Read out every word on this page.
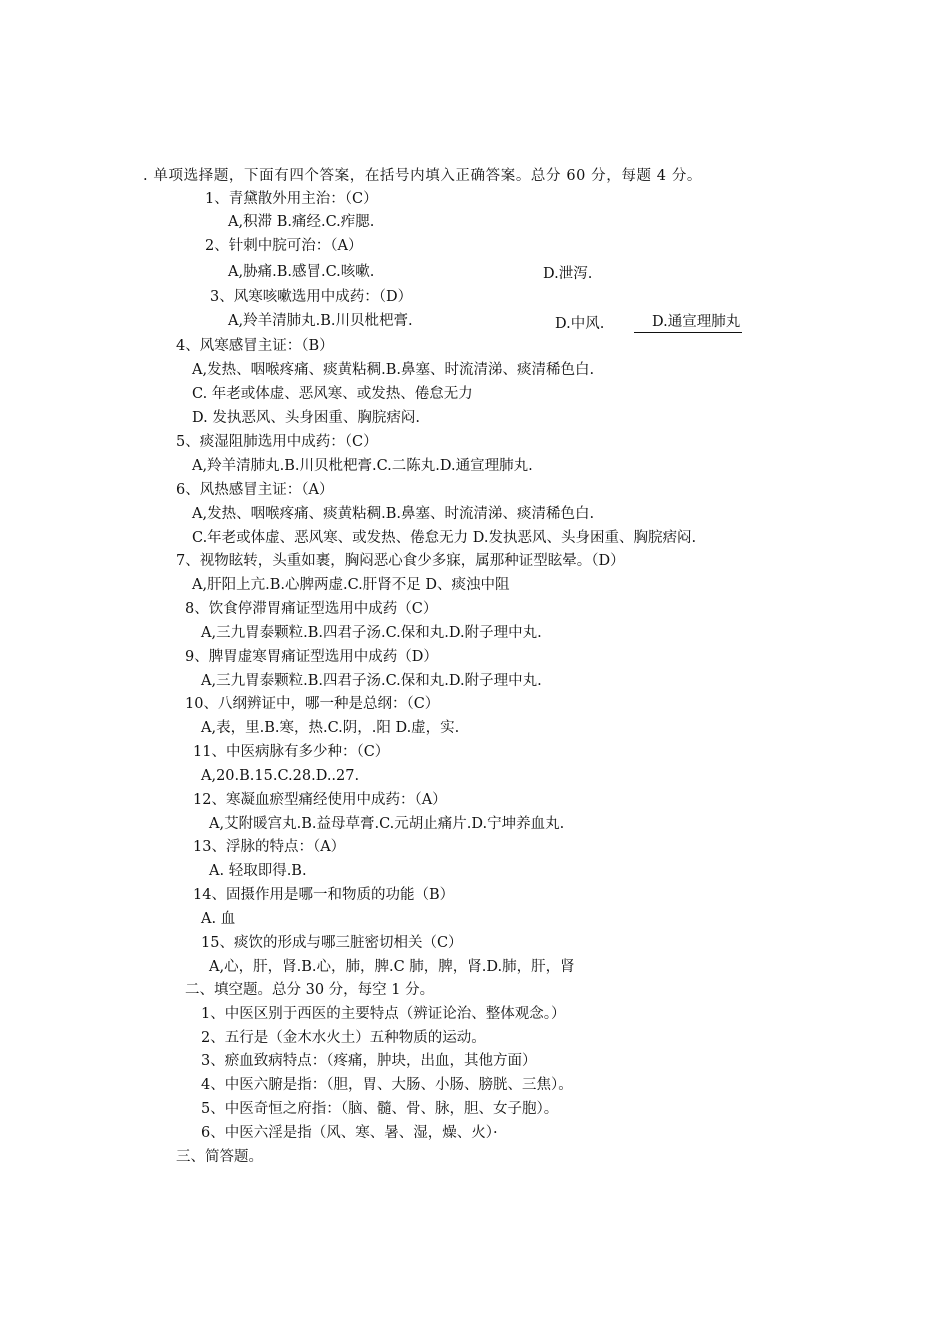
. 单项选择题，下面有四个答案，在括号内填入正确答案。总分 60 分，每题 4 分。
1、青黛散外用主治：（C）
A,积滞 B.痛经.C.痄腮.
2、针刺中脘可治：（A）
A,胁痛.B.感冒.C.咳嗽.	D.泄泻.
3、风寒咳嗽选用中成药：（D）
A,羚羊清肺丸.B.川贝枇杷膏.	D.中风.	D.通宣理肺丸
4、风寒感冒主证：（B）
A,发热、咽喉疼痛、痰黄粘稠.B.鼻塞、时流清涕、痰清稀色白.
C. 年老或体虚、恶风寒、或发热、倦怠无力
D. 发执恶风、头身困重、胸脘痞闷.
5、痰湿阻肺选用中成药：（C）
A,羚羊清肺丸.B.川贝枇杷膏.C.二陈丸.D.通宣理肺丸.
6、风热感冒主证：（A）
A,发热、咽喉疼痛、痰黄粘稠.B.鼻塞、时流清涕、痰清稀色白.
C.年老或体虚、恶风寒、或发热、倦怠无力 D.发执恶风、头身困重、胸脘痞闷.
7、视物眩转，头重如裹，胸闷恶心食少多寐，属那种证型眩晕。（D）
A,肝阳上亢.B.心脾两虚.C.肝肾不足 D、痰浊中阻
8、饮食停滞胃痛证型选用中成药（C）
A,三九胃泰颗粒.B.四君子汤.C.保和丸.D.附子理中丸.
9、脾胃虚寒胃痛证型选用中成药（D）
A,三九胃泰颗粒.B.四君子汤.C.保和丸.D.附子理中丸.
10、八纲辨证中，哪一种是总纲：（C）
A,表，里.B.寒，热.C.阴，.阳 D.虚，实.
11、中医病脉有多少种：（C）
A,20.B.15.C.28.D..27.
12、寒凝血瘀型痛经使用中成药：（A）
A,艾附暖宫丸.B.益母草膏.C.元胡止痛片.D.宁坤养血丸.
13、浮脉的特点：（A）
A. 轻取即得.B.
14、固摄作用是哪一和物质的功能（B）
A. 血
15、痰饮的形成与哪三脏密切相关（C）
A,心，肝，肾.B.心，肺，脾.C 肺，脾，肾.D.肺，肝，肾
二、填空题。总分 30 分，每空 1 分。
1、中医区别于西医的主要特点（辨证论治、整体观念。）
2、五行是（金木水火土）五种物质的运动。
3、瘀血致病特点：（疼痛，肿块，出血，其他方面）
4、中医六腑是指：（胆，胃、大肠、小肠、膀胱、三焦）。
5、中医奇恒之府指：（脑、髓、骨、脉，胆、女子胞）。
6、中医六淫是指（风、寒、暑、湿，燥、火）·
三、简答题。
